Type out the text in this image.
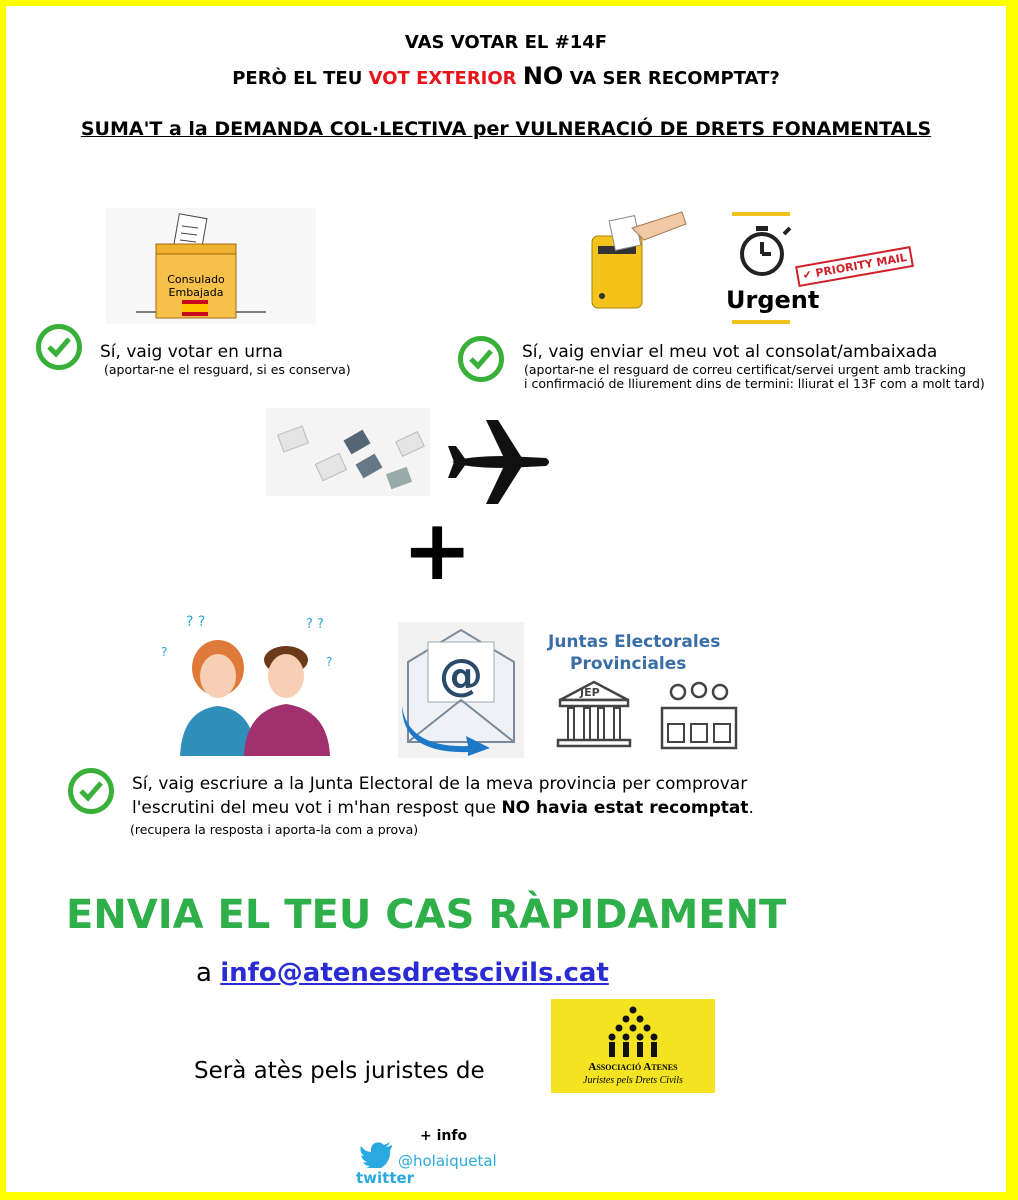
VAS VOTAR EL #14F
PERÒ EL TEU VOT EXTERIOR NO VA SER RECOMPTAT?
SUMA'T a la DEMANDA COL·LECTIVA per VULNERACIÓ DE DRETS FONAMENTALS
Consulado
Embajada	Urgent
✔ PRIORITY MAIL
Sí, vaig votar en urna
(aportar-ne el resguard, si es conserva)
Sí, vaig enviar el meu vot al consolat/ambaixada
(aportar-ne el resguard de correu certificat/servei urgent amb tracking
i confirmació de lliurement dins de termini: lliurat el 13F com a molt tard)
+
? ?
?
? ?
? @
Juntas Electorales
Provinciales
JEP
Sí, vaig escriure a la Junta Electoral de la meva provincia per comprovar
l'escrutini del meu vot i m'han respost que NO havia estat recomptat.
(recupera la resposta i aporta-la com a prova)
ENVIA EL TEU CAS RÀPIDAMENT
a info@atenesdretscivils.cat
Serà atès pels juristes de	Associació Atenes
Juristes pels Drets Civils
+ info
@holaiquetal
twitter
